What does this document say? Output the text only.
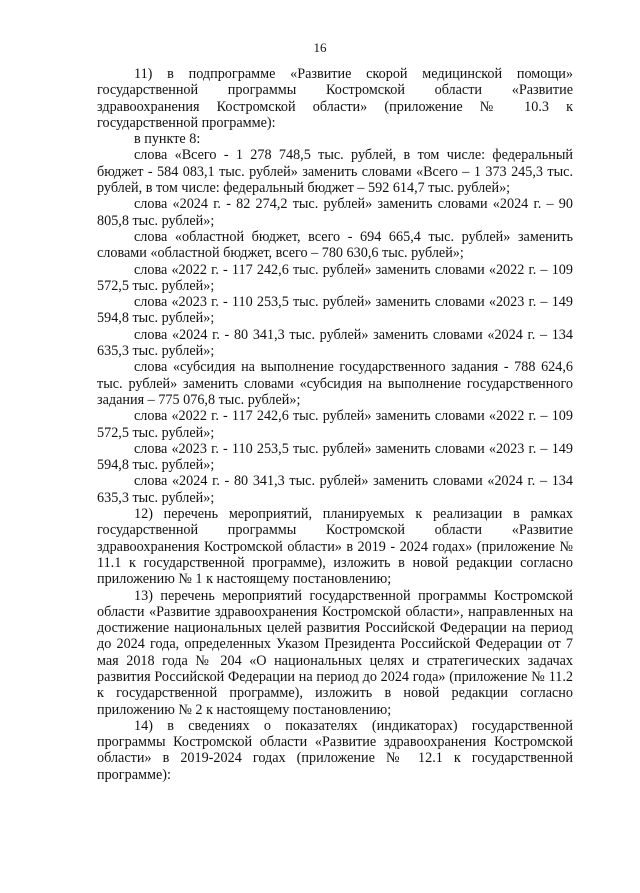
16

11) в подпрограмме «Развитие скорой медицинской помощи» государственной программы Костромской области «Развитие здравоохранения Костромской области» (приложение № 10.3 к государственной программе):

в пункте 8:

слова «Всего - 1 278 748,5 тыс. рублей, в том числе: федеральный бюджет - 584 083,1 тыс. рублей» заменить словами «Всего – 1 373 245,3 тыс. рублей, в том числе: федеральный бюджет – 592 614,7 тыс. рублей»;

слова «2024 г. - 82 274,2 тыс. рублей» заменить словами «2024 г. – 90 805,8 тыс. рублей»;

слова «областной бюджет, всего - 694 665,4 тыс. рублей» заменить словами «областной бюджет, всего – 780 630,6 тыс. рублей»;

слова «2022 г. - 117 242,6 тыс. рублей» заменить словами «2022 г. – 109 572,5 тыс. рублей»;

слова «2023 г. - 110 253,5 тыс. рублей» заменить словами «2023 г. – 149 594,8 тыс. рублей»;

слова «2024 г. - 80 341,3 тыс. рублей» заменить словами «2024 г. – 134 635,3 тыс. рублей»;

слова «субсидия на выполнение государственного задания - 788 624,6 тыс. рублей» заменить словами «субсидия на выполнение государственного задания – 775 076,8 тыс. рублей»;

слова «2022 г. - 117 242,6 тыс. рублей» заменить словами «2022 г. – 109 572,5 тыс. рублей»;

слова «2023 г. - 110 253,5 тыс. рублей» заменить словами «2023 г. – 149 594,8 тыс. рублей»;

слова «2024 г. - 80 341,3 тыс. рублей» заменить словами «2024 г. – 134 635,3 тыс. рублей»;

12) перечень мероприятий, планируемых к реализации в рамках государственной программы Костромской области «Развитие здравоохранения Костромской области» в 2019 - 2024 годах» (приложение № 11.1 к государственной программе), изложить в новой редакции согласно приложению № 1 к настоящему постановлению;

13) перечень мероприятий государственной программы Костромской области «Развитие здравоохранения Костромской области», направленных на достижение национальных целей развития Российской Федерации на период до 2024 года, определенных Указом Президента Российской Федерации от 7 мая 2018 года № 204 «О национальных целях и стратегических задачах развития Российской Федерации на период до 2024 года» (приложение № 11.2 к государственной программе), изложить в новой редакции согласно приложению № 2 к настоящему постановлению;

14) в сведениях о показателях (индикаторах) государственной программы Костромской области «Развитие здравоохранения Костромской области» в 2019-2024 годах (приложение № 12.1 к государственной программе):
